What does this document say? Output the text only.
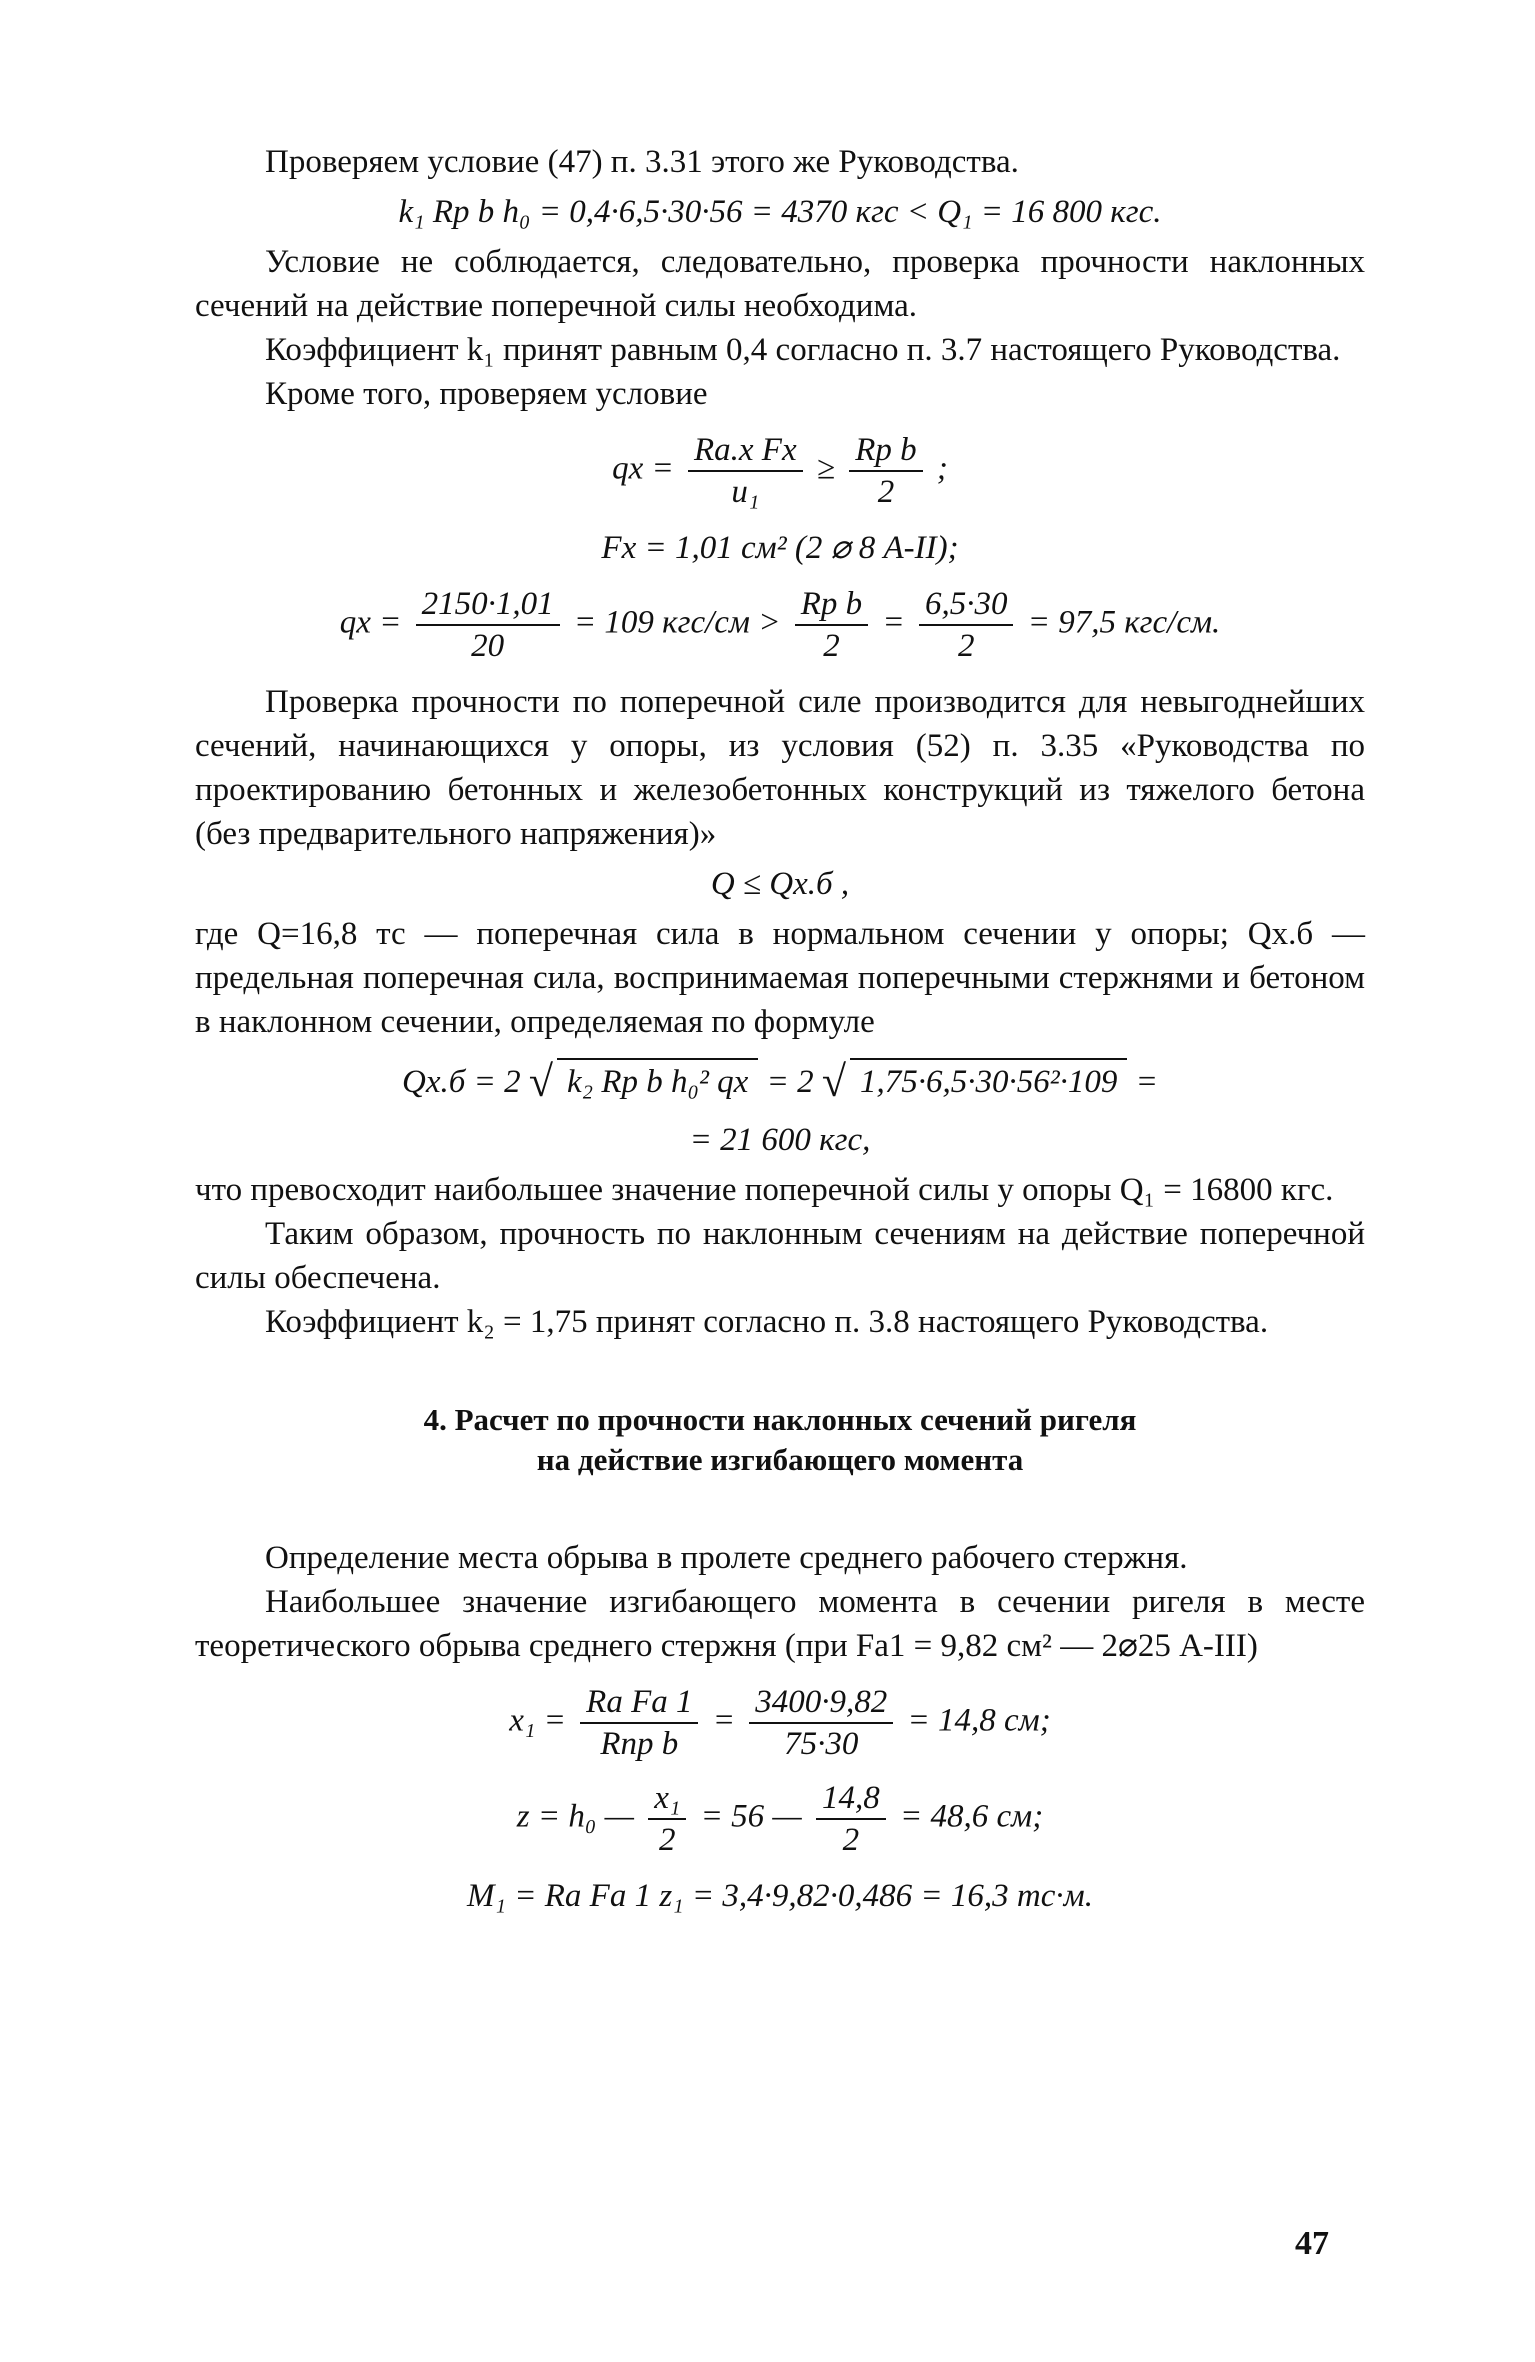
Проверяем условие (47) п. 3.31 этого же Руководства.

k₁ Rp b h₀ = 0,4·6,5·30·56 = 4370 кгс < Q₁ = 16 800 кгс.

Условие не соблюдается, следовательно, проверка прочности наклонных сечений на действие поперечной силы необходима.

Коэффициент k₁ принят равным 0,4 согласно п. 3.7 настоящего Руководства.

Кроме того, проверяем условие

qx = $\frac{\text{Ra.x Fx}}{\text{u₁}} \ge \frac{\text{Rp b}}{2}$ ;

Fx = 1,01 см² (2 ⌀ 8 А-II);

qx = $\frac{2150\cdot 1,01}{20} = 109$ $кгс/см > \frac{\text{Rp b}}{2} = \frac{6,5\cdot 30}{2} = 97,5$ кгс/см.

Проверка прочности по поперечной силе производится для невыгоднейших сечений, начинающихся у опоры, из условия (52) п. 3.35 «Руководства по проектированию бетонных и железобетонных конструкций из тяжелого бетона (без предварительного напряжения)»

Q ≤ Qx.б ,

где Q=16,8 тс — поперечная сила в нормальном сечении у опоры; Qx.б — предельная поперечная сила, воспринимаемая поперечными стержнями и бетоном в наклонном сечении, определяемая по формуле

Qx.б = 2 √ k₂ Rp b h₀² qx = 2 √ 1,75·6,5·30·56²·109 =

= 21 600 кгс,

что превосходит наибольшее значение поперечной силы у опоры Q₁ = 16800 кгс.

Таким образом, прочность по наклонным сечениям на действие поперечной силы обеспечена.

Коэффициент k₂ = 1,75 принят согласно п. 3.8 настоящего Руководства.

4. Расчет по прочности наклонных сечений ригеля
на действие изгибающего момента

Определение места обрыва в пролете среднего рабочего стержня.

Наибольшее значение изгибающего момента в сечении ригеля в месте теоретического обрыва среднего стержня (при Fa1 = 9,82 см² — 2⌀25 А-III)

$x_1 = \frac{\text{Ra Fa 1}}{\text{Rпр b}} = \frac{3400\cdot 9,82}{75\cdot 30} = 14,8$ см;
z = h₀ — $\frac{\text{x₁}}{2} = 56$ — $\frac{14,8}{2} = 48,6$ см;

M₁ = Ra Fa 1 z₁ = 3,4·9,82·0,486 = 16,3 тс·м.

47
